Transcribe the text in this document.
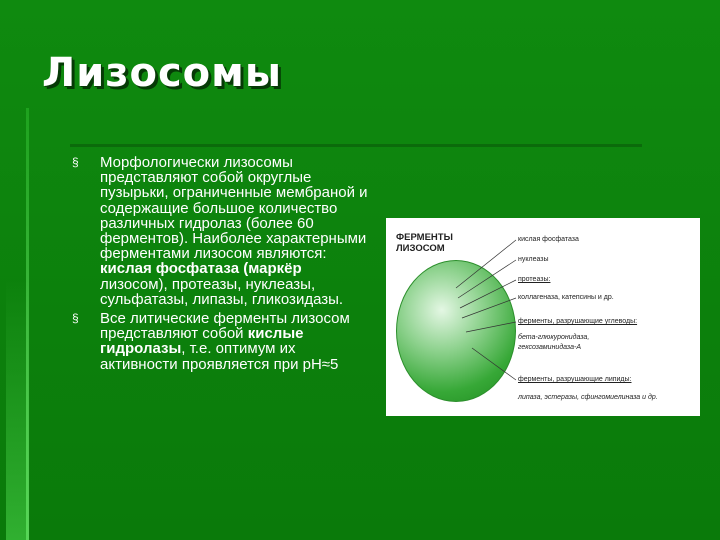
Лизосомы
§ Морфологически лизосомы представляют собой округлые пузырьки, ограниченные мембраной и содержащие большое количество различных гидролаз (более 60 ферментов). Наиболее характерными ферментами лизосом являются: кислая фосфатаза (маркёр лизосом), протеазы, нуклеазы, сульфатазы, липазы, гликозидазы.
§ Все литические ферменты лизосом представляют собой кислые гидролазы, т.е. оптимум их активности проявляется при pH≈5
ФЕРМЕНТЫ
ЛИЗОСОМ
кислая фосфатаза
нуклеазы
протеазы:
коллагеназа, катепсины и др.
ферменты, разрушающие углеводы:
бета-глюкуронидаза,
гексозаминидаза-А
ферменты, разрушающие липиды:
липаза, эстеразы, сфингомиелиназа и др.
